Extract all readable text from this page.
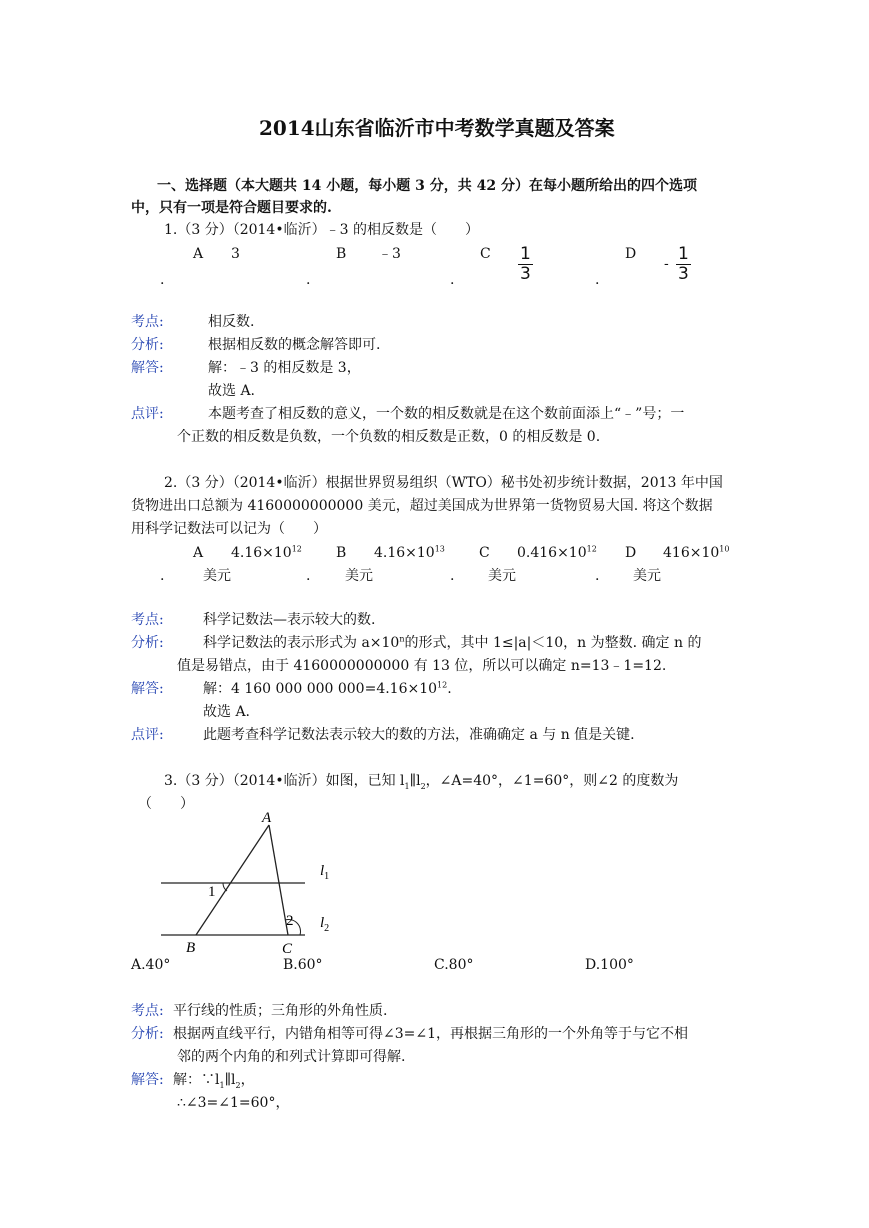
2014山东省临沂市中考数学真题及答案
一、选择题（本大题共 14 小题，每小题 3 分，共 42 分）在每小题所给出的四个选项
中，只有一项是符合题目要求的.
1.（3 分）（2014•临沂）﹣3 的相反数是（　　）
A 3
.
B ﹣3
.
C $\frac{1}{3}$
.
D
- $\frac{1}{3}$
.
考点:	相反数.
分析:	根据相反数的概念解答即可.
解答:	解：﹣3 的相反数是 3，
故选 A.
点评:	本题考查了相反数的意义，一个数的相反数就是在这个数前面添上“﹣”号；一
个正数的相反数是负数，一个负数的相反数是正数，0 的相反数是 0.
2.（3 分）（2014•临沂）根据世界贸易组织（WTO）秘书处初步统计数据，2013 年中国
货物进出口总额为 4160000000000 美元，超过美国成为世界第一货物贸易大国. 将这个数据
用科学记数法可以记为（　　）
A $4.16\times 10^{12}$
.	美元
B $4.16\times 10^{13}$
. 美元
C $0.416\times 10^{12}$
. 美元
D $416\times 10^{10}$
. 美元
考点:	科学记数法—表示较大的数.
分析:	科学记数法的表示形式为 $a\times 10^n$的形式，其中 1≤|a|＜10，n 为整数. 确定 n 的
值是易错点，由于 4160000000000 有 13 位，所以可以确定 n=13﹣1=12.
解答:	解：4 160 000 000 $000=4.16\times 10^{12}$.
故选 A.
点评:	此题考查科学记数法表示较大的数的方法，准确确定 a 与 n 值是关键.
3.（3 分）（2014•临沂）如图，已知 $l_1\parallel l_2$，∠A=40°，∠1=60°，则∠2 的度数为
（　　）
A
B	C
1
2
$l_1$
$l_2$
A.40°	B.60°	C.80°	D.100°
考点: 平行线的性质；三角形的外角性质.
分析: 根据两直线平行，内错角相等可得∠3=∠1，再根据三角形的一个外角等于与它不相
邻的两个内角的和列式计算即可得解.
解答: 解：$\because l_1\parallel l_2$，
∴∠3=∠1=60°，
